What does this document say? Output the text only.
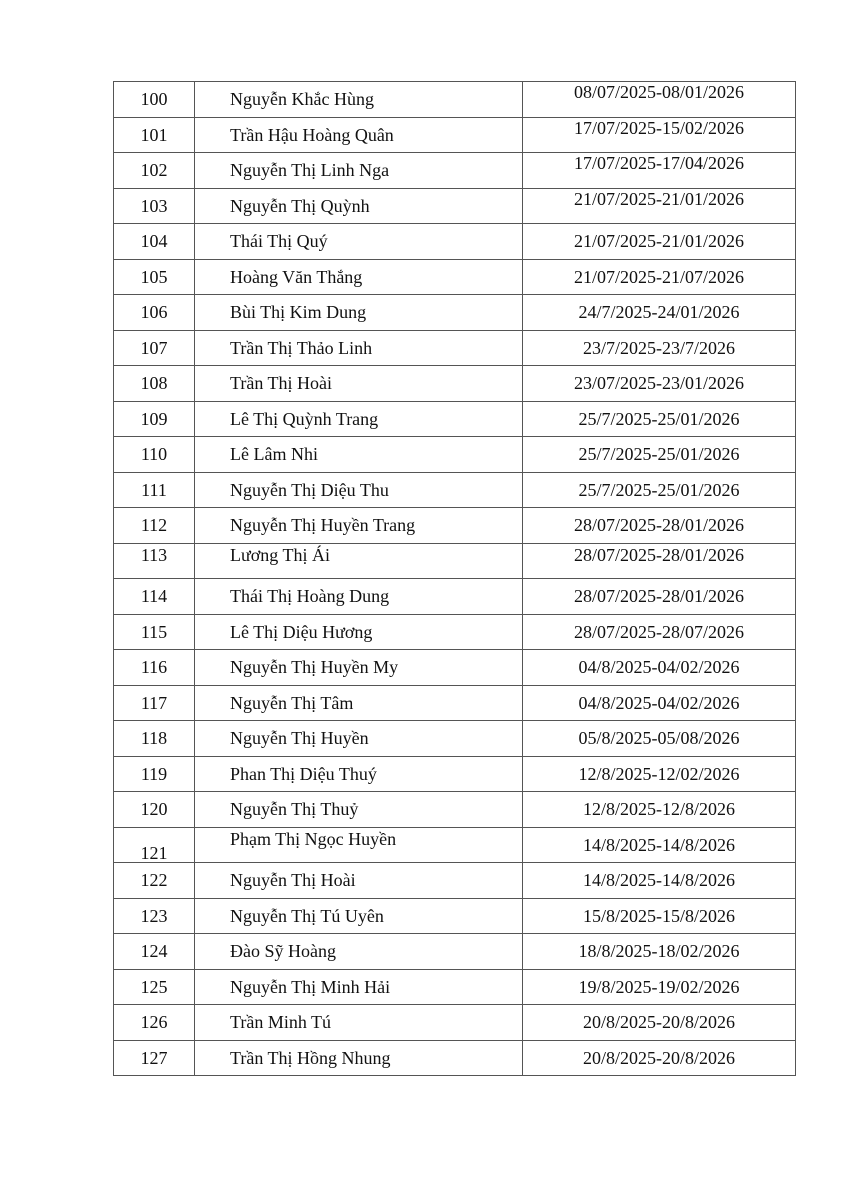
100	Nguyễn Khắc Hùng	08/07/2025-08/01/2026
101	Trần Hậu Hoàng Quân	17/07/2025-15/02/2026
102	Nguyễn Thị Linh Nga	17/07/2025-17/04/2026
103	Nguyễn Thị Quỳnh	21/07/2025-21/01/2026
104	Thái Thị Quý	21/07/2025-21/01/2026
105	Hoàng Văn Thắng	21/07/2025-21/07/2026
106	Bùi Thị Kim Dung	24/7/2025-24/01/2026
107	Trần Thị Thảo Linh	23/7/2025-23/7/2026
108	Trần Thị Hoài	23/07/2025-23/01/2026
109	Lê Thị Quỳnh Trang	25/7/2025-25/01/2026
110	Lê Lâm Nhi	25/7/2025-25/01/2026
111	Nguyễn Thị Diệu Thu	25/7/2025-25/01/2026
112	Nguyễn Thị Huyền Trang	28/07/2025-28/01/2026
113	Lương Thị Ái	28/07/2025-28/01/2026
114	Thái Thị Hoàng Dung	28/07/2025-28/01/2026
115	Lê Thị Diệu Hương	28/07/2025-28/07/2026
116	Nguyễn Thị Huyền My	04/8/2025-04/02/2026
117	Nguyễn Thị Tâm	04/8/2025-04/02/2026
118	Nguyễn Thị Huyền	05/8/2025-05/08/2026
119	Phan Thị Diệu Thuý	12/8/2025-12/02/2026
120	Nguyễn Thị Thuỷ	12/8/2025-12/8/2026
121	Phạm Thị Ngọc Huyền	14/8/2025-14/8/2026
122	Nguyễn Thị Hoài	14/8/2025-14/8/2026
123	Nguyễn Thị Tú Uyên	15/8/2025-15/8/2026
124	Đào Sỹ Hoàng	18/8/2025-18/02/2026
125	Nguyễn Thị Minh Hải	19/8/2025-19/02/2026
126	Trần Minh Tú	20/8/2025-20/8/2026
127	Trần Thị Hồng Nhung	20/8/2025-20/8/2026
